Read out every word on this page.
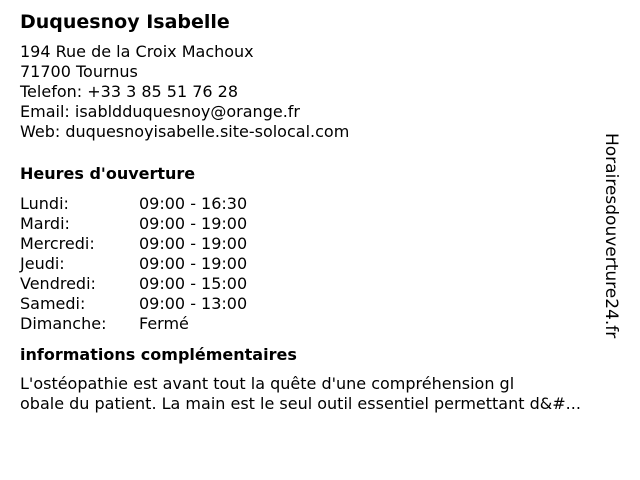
Duquesnoy Isabelle
194 Rue de la Croix Machoux
71700 Tournus
Telefon: +33 3 85 51 76 28
Email: isabldduquesnoy@orange.fr
Web: duquesnoyisabelle.site-solocal.com
Heures d'ouverture
Lundi:	09:00 - 16:30
Mardi:	09:00 - 19:00
Mercredi:	09:00 - 19:00
Jeudi:	09:00 - 19:00
Vendredi:	09:00 - 15:00
Samedi:	09:00 - 13:00
Dimanche: Fermé
informations complémentaires
L'ostéopathie est avant tout la quête d'une compréhension gl
obale du patient. La main est le seul outil essentiel permettant d&#...
Horairesdouverture24.fr
